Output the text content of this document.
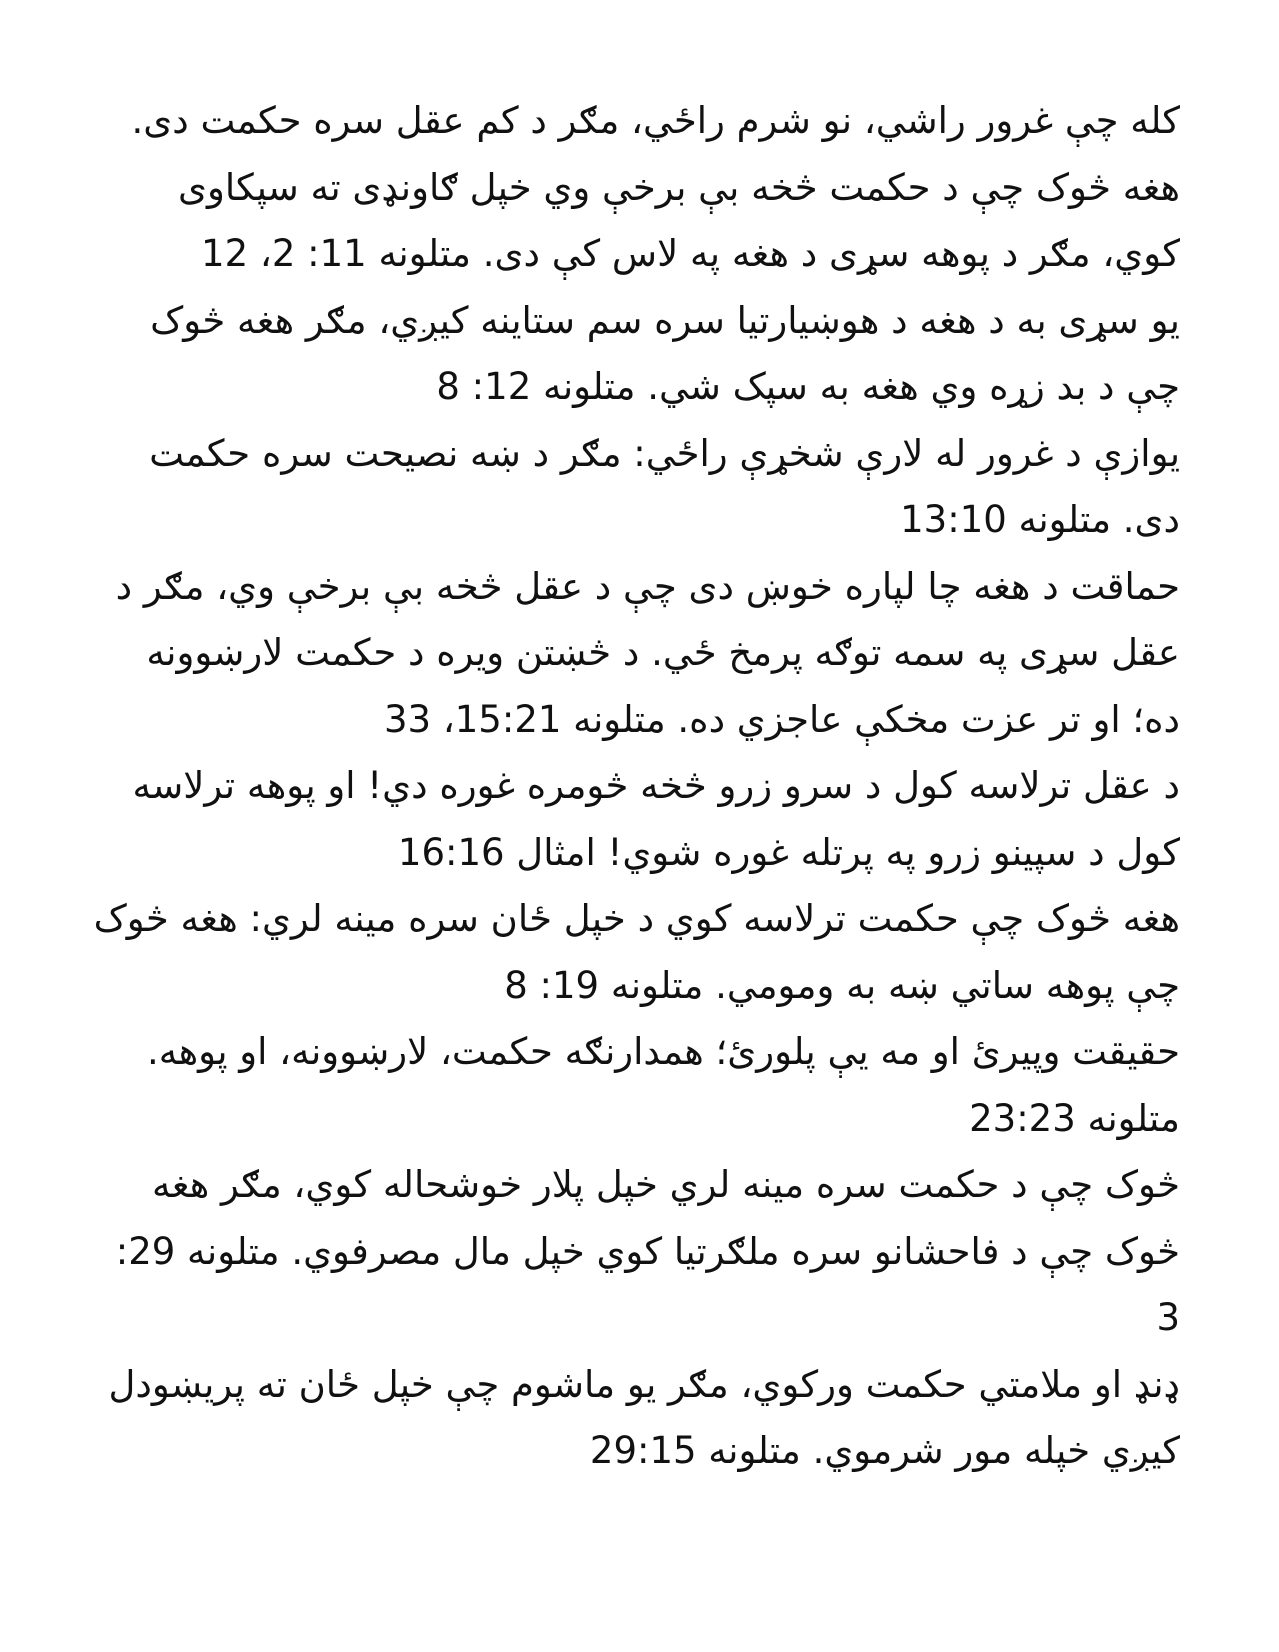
کله چې غرور راشي، نو شرم راځي، مګر د کم عقل سره حکمت دی.

هغه څوک چې د حکمت څخه بې برخې وي خپل ګاونډی ته سپکاوی کوي، مګر د پوهه سړی د هغه په لاس کې دی. متلونه 11: 2، 12

یو سړی به د هغه د هوښیارتیا سره سم ستاینه کیږي، مګر هغه څوک چې د بد زړه وي هغه به سپک شي. متلونه 12: 8

یوازې د غرور له لارې شخړې راځي: مګر د ښه نصیحت سره حکمت دی. متلونه 13:10

حماقت د هغه چا لپاره خوښ دی چې د عقل څخه بې برخې وي، مګر د عقل سړی په سمه توګه پرمخ ځي. د څښتن ویره د حکمت لارښوونه ده؛ او تر عزت مخکې عاجزي ده. متلونه 15:21، 33

د عقل ترلاسه کول د سرو زرو څخه څومره غوره دي! او پوهه ترلاسه کول د سپینو زرو په پرتله غوره شوي! امثال 16:16

هغه څوک چې حکمت ترلاسه کوي د خپل ځان سره مینه لري: هغه څوک چې پوهه ساتي ښه به ومومي. متلونه 19: 8

حقیقت وپیرئ او مه یې پلورئ؛ همدارنګه حکمت، لارښوونه، او پوهه. متلونه 23:23

څوک چې د حکمت سره مینه لري خپل پلار خوشحاله کوي، مګر هغه څوک چې د فاحشانو سره ملګرتیا کوي خپل مال مصرفوي. متلونه 29: 3

ډنډ او ملامتي حکمت ورکوي، مګر یو ماشوم چې خپل ځان ته پریښودل کیږي خپله مور شرموي. متلونه 29:15
